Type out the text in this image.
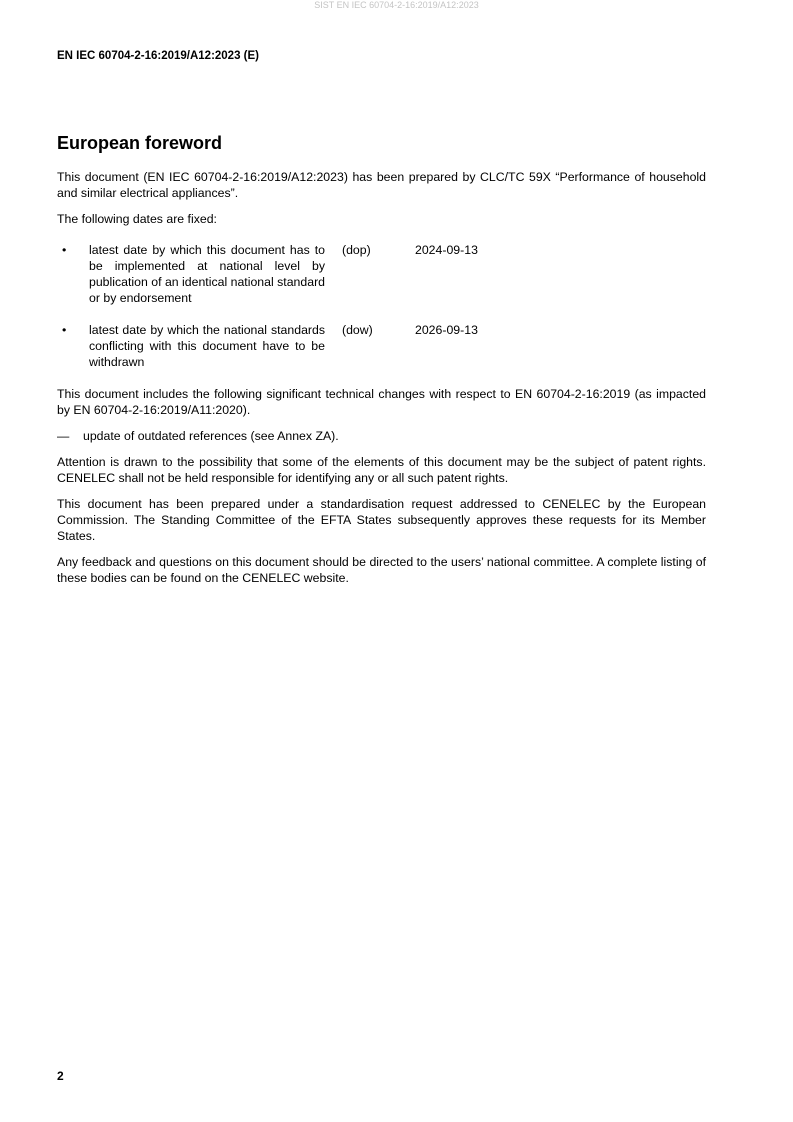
SIST EN IEC 60704-2-16:2019/A12:2023
EN IEC 60704-2-16:2019/A12:2023 (E)
European foreword

This document (EN IEC 60704-2-16:2019/A12:2023) has been prepared by CLC/TC 59X “Performance of household and similar electrical appliances”.

The following dates are fixed:

• latest date by which this document has to be implemented at national level by publication of an identical national standard or by endorsement
(dop)	2024-09-13
• latest date by which the national standards conflicting with this document have to be withdrawn
(dow)	2026-09-13

This document includes the following significant technical changes with respect to EN 60704-2-16:2019 (as impacted by EN 60704-2-16:2019/A11:2020).

— update of outdated references (see Annex ZA).

Attention is drawn to the possibility that some of the elements of this document may be the subject of patent rights. CENELEC shall not be held responsible for identifying any or all such patent rights.

This document has been prepared under a standardisation request addressed to CENELEC by the European Commission. The Standing Committee of the EFTA States subsequently approves these requests for its Member States.

Any feedback and questions on this document should be directed to the users’ national committee. A complete listing of these bodies can be found on the CENELEC website.

2
